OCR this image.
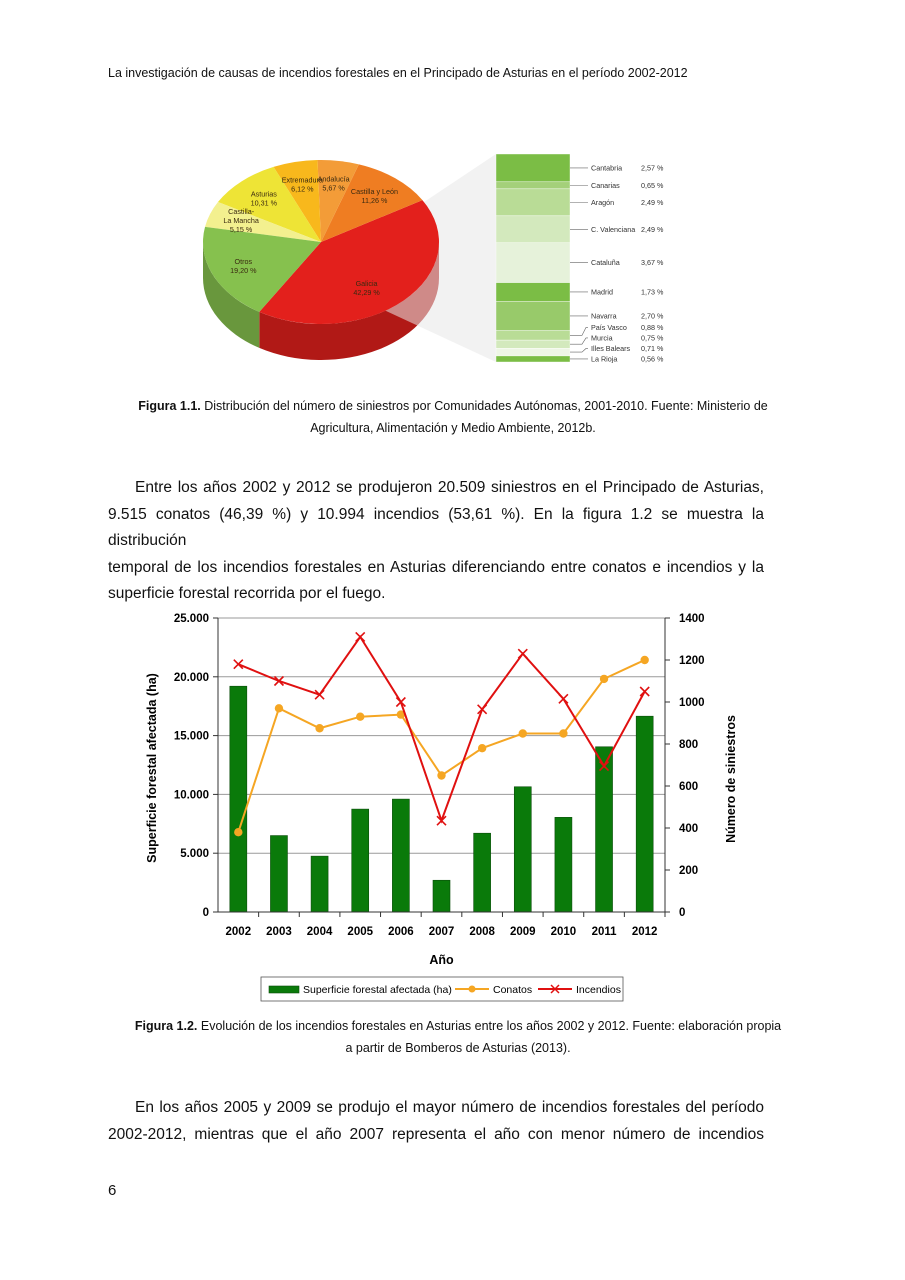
La investigación de causas de incendios forestales en el Principado de Asturias en el período 2002-2012
Galicia
42,29 %
Castilla y León
11,26 %
Andalucía
5,67 %
Extremadura
6,12 %
Asturias
10,31 %
Castilla-
La Mancha
5,15 %
Otros
19,20 %
Cantabria	2,57 %
Canarias	0,65 %
Aragón	2,49 %
C. Valenciana 2,49 %
Cataluña	3,67 %
Madrid	1,73 %
Navarra	2,70 %
País Vasco 0,88 %
Murcia	0,75 %
Illes Balears 0,71 %
La Rioja	0,56 %
Figura 1.1. Distribución del número de siniestros por Comunidades Autónomas, 2001-2010. Fuente: Ministerio de
Agricultura, Alimentación y Medio Ambiente, 2012b.
Entre los años 2002 y 2012 se produjeron 20.509 siniestros en el Principado de Asturias,
9.515 conatos (46,39 %) y 10.994 incendios (53,61 %). En la figura 1.2 se muestra la distribución
temporal de los incendios forestales en Asturias diferenciando entre conatos e incendios y la
superficie forestal recorrida por el fuego.
0
5.000
10.000
15.000
20.000
25.000
0
200
400
600
800
1000
1200
1400
2002 2003 2004 2005 2006 2007 2008 2009 2010 2011 2012
Año
Superficie forestal afectada (ha)	Número de siniestros
Superficie forestal afectada (ha)	Conatos	Incendios
Figura 1.2. Evolución de los incendios forestales en Asturias entre los años 2002 y 2012. Fuente: elaboración propia
a partir de Bomberos de Asturias (2013).
En los años 2005 y 2009 se produjo el mayor número de incendios forestales del período
2002-2012, mientras que el año 2007 representa el año con menor número de incendios
6
